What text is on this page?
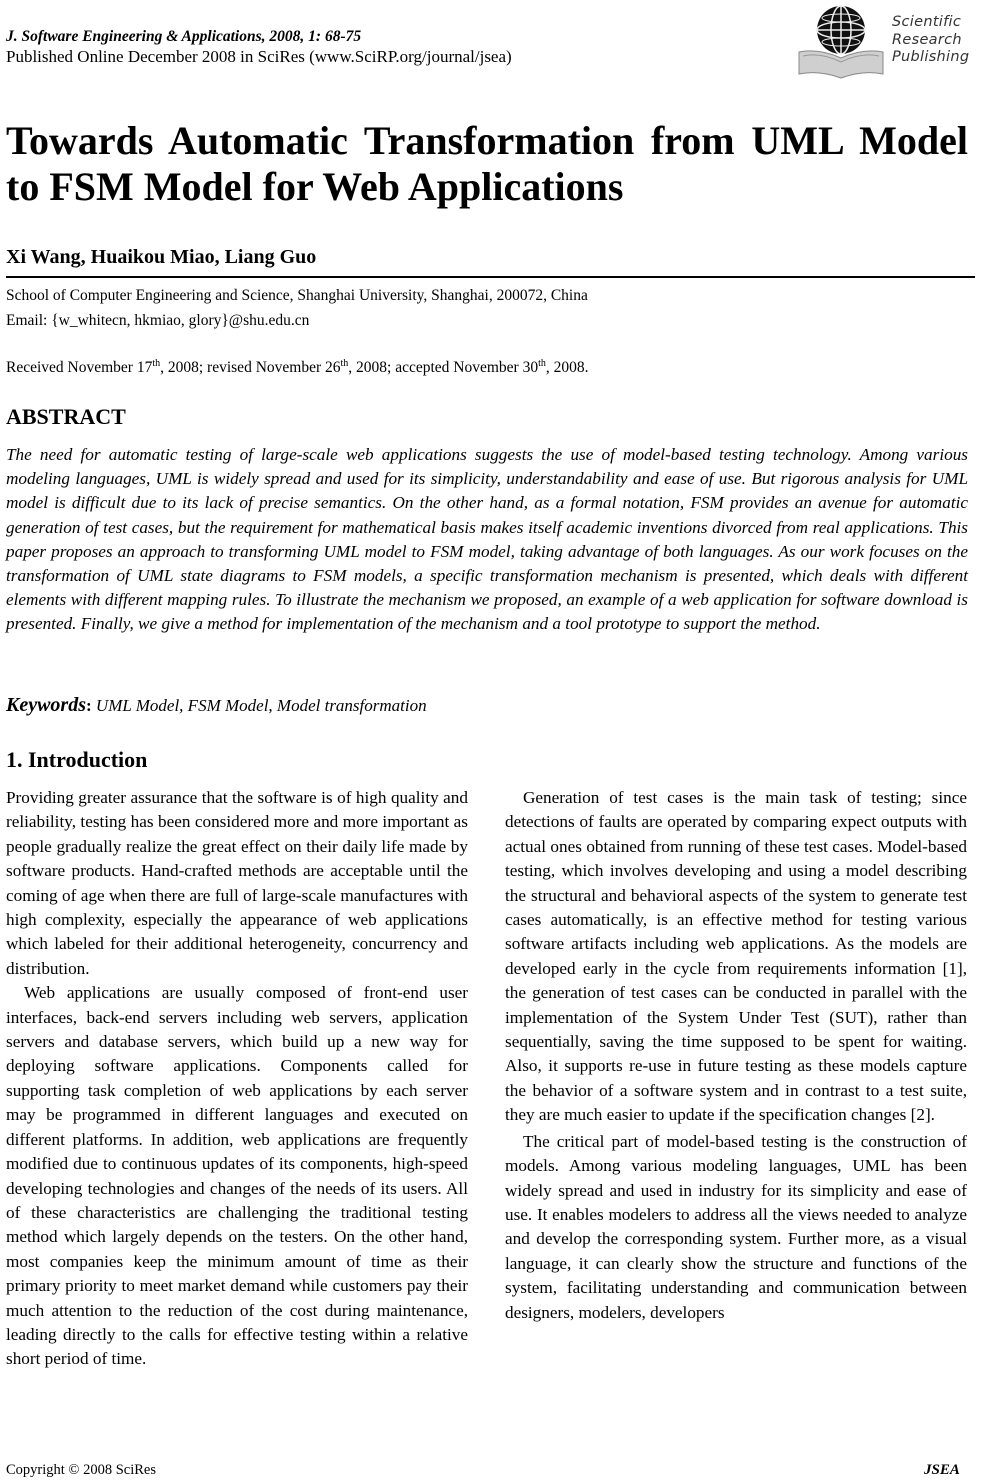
J. Software Engineering & Applications, 2008, 1: 68-75
Published Online December 2008 in SciRes (www.SciRP.org/journal/jsea)
Scientific
Research
Publishing
Towards Automatic Transformation from UML Model to FSM Model for Web Applications
Xi Wang, Huaikou Miao, Liang Guo
School of Computer Engineering and Science, Shanghai University, Shanghai, 200072, China
Email: {w_whitecn, hkmiao, glory}@shu.edu.cn
Received November 17th, 2008; revised November 26th, 2008; accepted November 30th, 2008.
ABSTRACT
The need for automatic testing of large-scale web applications suggests the use of model-based testing technology. Among various modeling languages, UML is widely spread and used for its simplicity, understandability and ease of use. But rigorous analysis for UML model is difficult due to its lack of precise semantics. On the other hand, as a formal notation, FSM provides an avenue for automatic generation of test cases, but the requirement for mathematical basis makes itself academic inventions divorced from real applications. This paper proposes an approach to transforming UML model to FSM model, taking advantage of both languages. As our work focuses on the transformation of UML state diagrams to FSM models, a specific transformation mechanism is presented, which deals with different elements with different mapping rules. To illustrate the mechanism we proposed, an example of a web application for software download is presented. Finally, we give a method for implementation of the mechanism and a tool prototype to support the method.
Keywords: UML Model, FSM Model, Model transformation
1. Introduction

Providing greater assurance that the software is of high quality and reliability, testing has been considered more and more important as people gradually realize the great effect on their daily life made by software products. Hand-crafted methods are acceptable until the coming of age when there are full of large-scale manufactures with high complexity, especially the appearance of web applications which labeled for their additional heterogeneity, concurrency and distribution.

Web applications are usually composed of front-end user interfaces, back-end servers including web servers, application servers and database servers, which build up a new way for deploying software applications. Components called for supporting task completion of web applications by each server may be programmed in different languages and executed on different platforms. In addition, web applications are frequently modified due to continuous updates of its components, high-speed developing technologies and changes of the needs of its users. All of these characteristics are challenging the traditional testing method which largely depends on the testers. On the other hand, most companies keep the minimum amount of time as their primary priority to meet market demand while customers pay their much attention to the reduction of the cost during maintenance, leading directly to the calls for effective testing within a relative short period of time.

Generation of test cases is the main task of testing; since detections of faults are operated by comparing expect outputs with actual ones obtained from running of these test cases. Model-based testing, which involves developing and using a model describing the structural and behavioral aspects of the system to generate test cases automatically, is an effective method for testing various software artifacts including web applications. As the models are developed early in the cycle from requirements information [1], the generation of test cases can be conducted in parallel with the implementation of the System Under Test (SUT), rather than sequentially, saving the time supposed to be spent for waiting. Also, it supports re-use in future testing as these models capture the behavior of a software system and in contrast to a test suite, they are much easier to update if the specification changes [2].

The critical part of model-based testing is the construction of models. Among various modeling languages, UML has been widely spread and used in industry for its simplicity and ease of use. It enables modelers to address all the views needed to analyze and develop the corresponding system. Further more, as a visual language, it can clearly show the structure and functions of the system, facilitating understanding and communication between designers, modelers, developers

Copyright © 2008 SciRes	JSEA
